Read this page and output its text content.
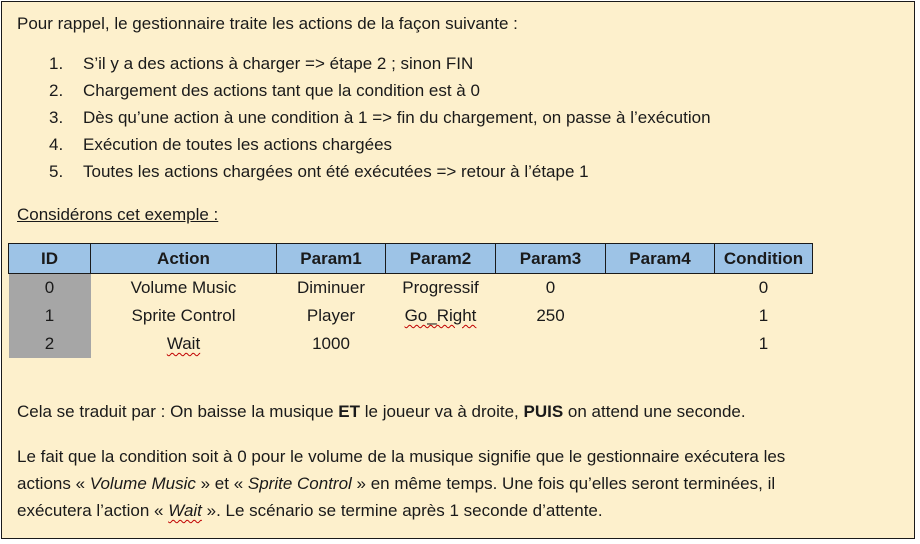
Pour rappel, le gestionnaire traite les actions de la façon suivante :
1. S’il y a des actions à charger => étape 2 ; sinon FIN
2. Chargement des actions tant que la condition est à 0
3. Dès qu’une action à une condition à 1 => fin du chargement, on passe à l’exécution
4. Exécution de toutes les actions chargées
5. Toutes les actions chargées ont été exécutées => retour à l’étape 1
Considérons cet exemple :
ID	Action	Param1	Param2	Param3	Param4	Condition
0	Volume Music	Diminuer	Progressif	0		0
1	Sprite Control	Player	Go_Right	250		1
2	Wait	1000				1
Cela se traduit par : On baisse la musique ET le joueur va à droite, PUIS on attend une seconde.
Le fait que la condition soit à 0 pour le volume de la musique signifie que le gestionnaire exécutera les
actions « Volume Music » et « Sprite Control » en même temps. Une fois qu’elles seront terminées, il
exécutera l’action « Wait ». Le scénario se termine après 1 seconde d’attente.
